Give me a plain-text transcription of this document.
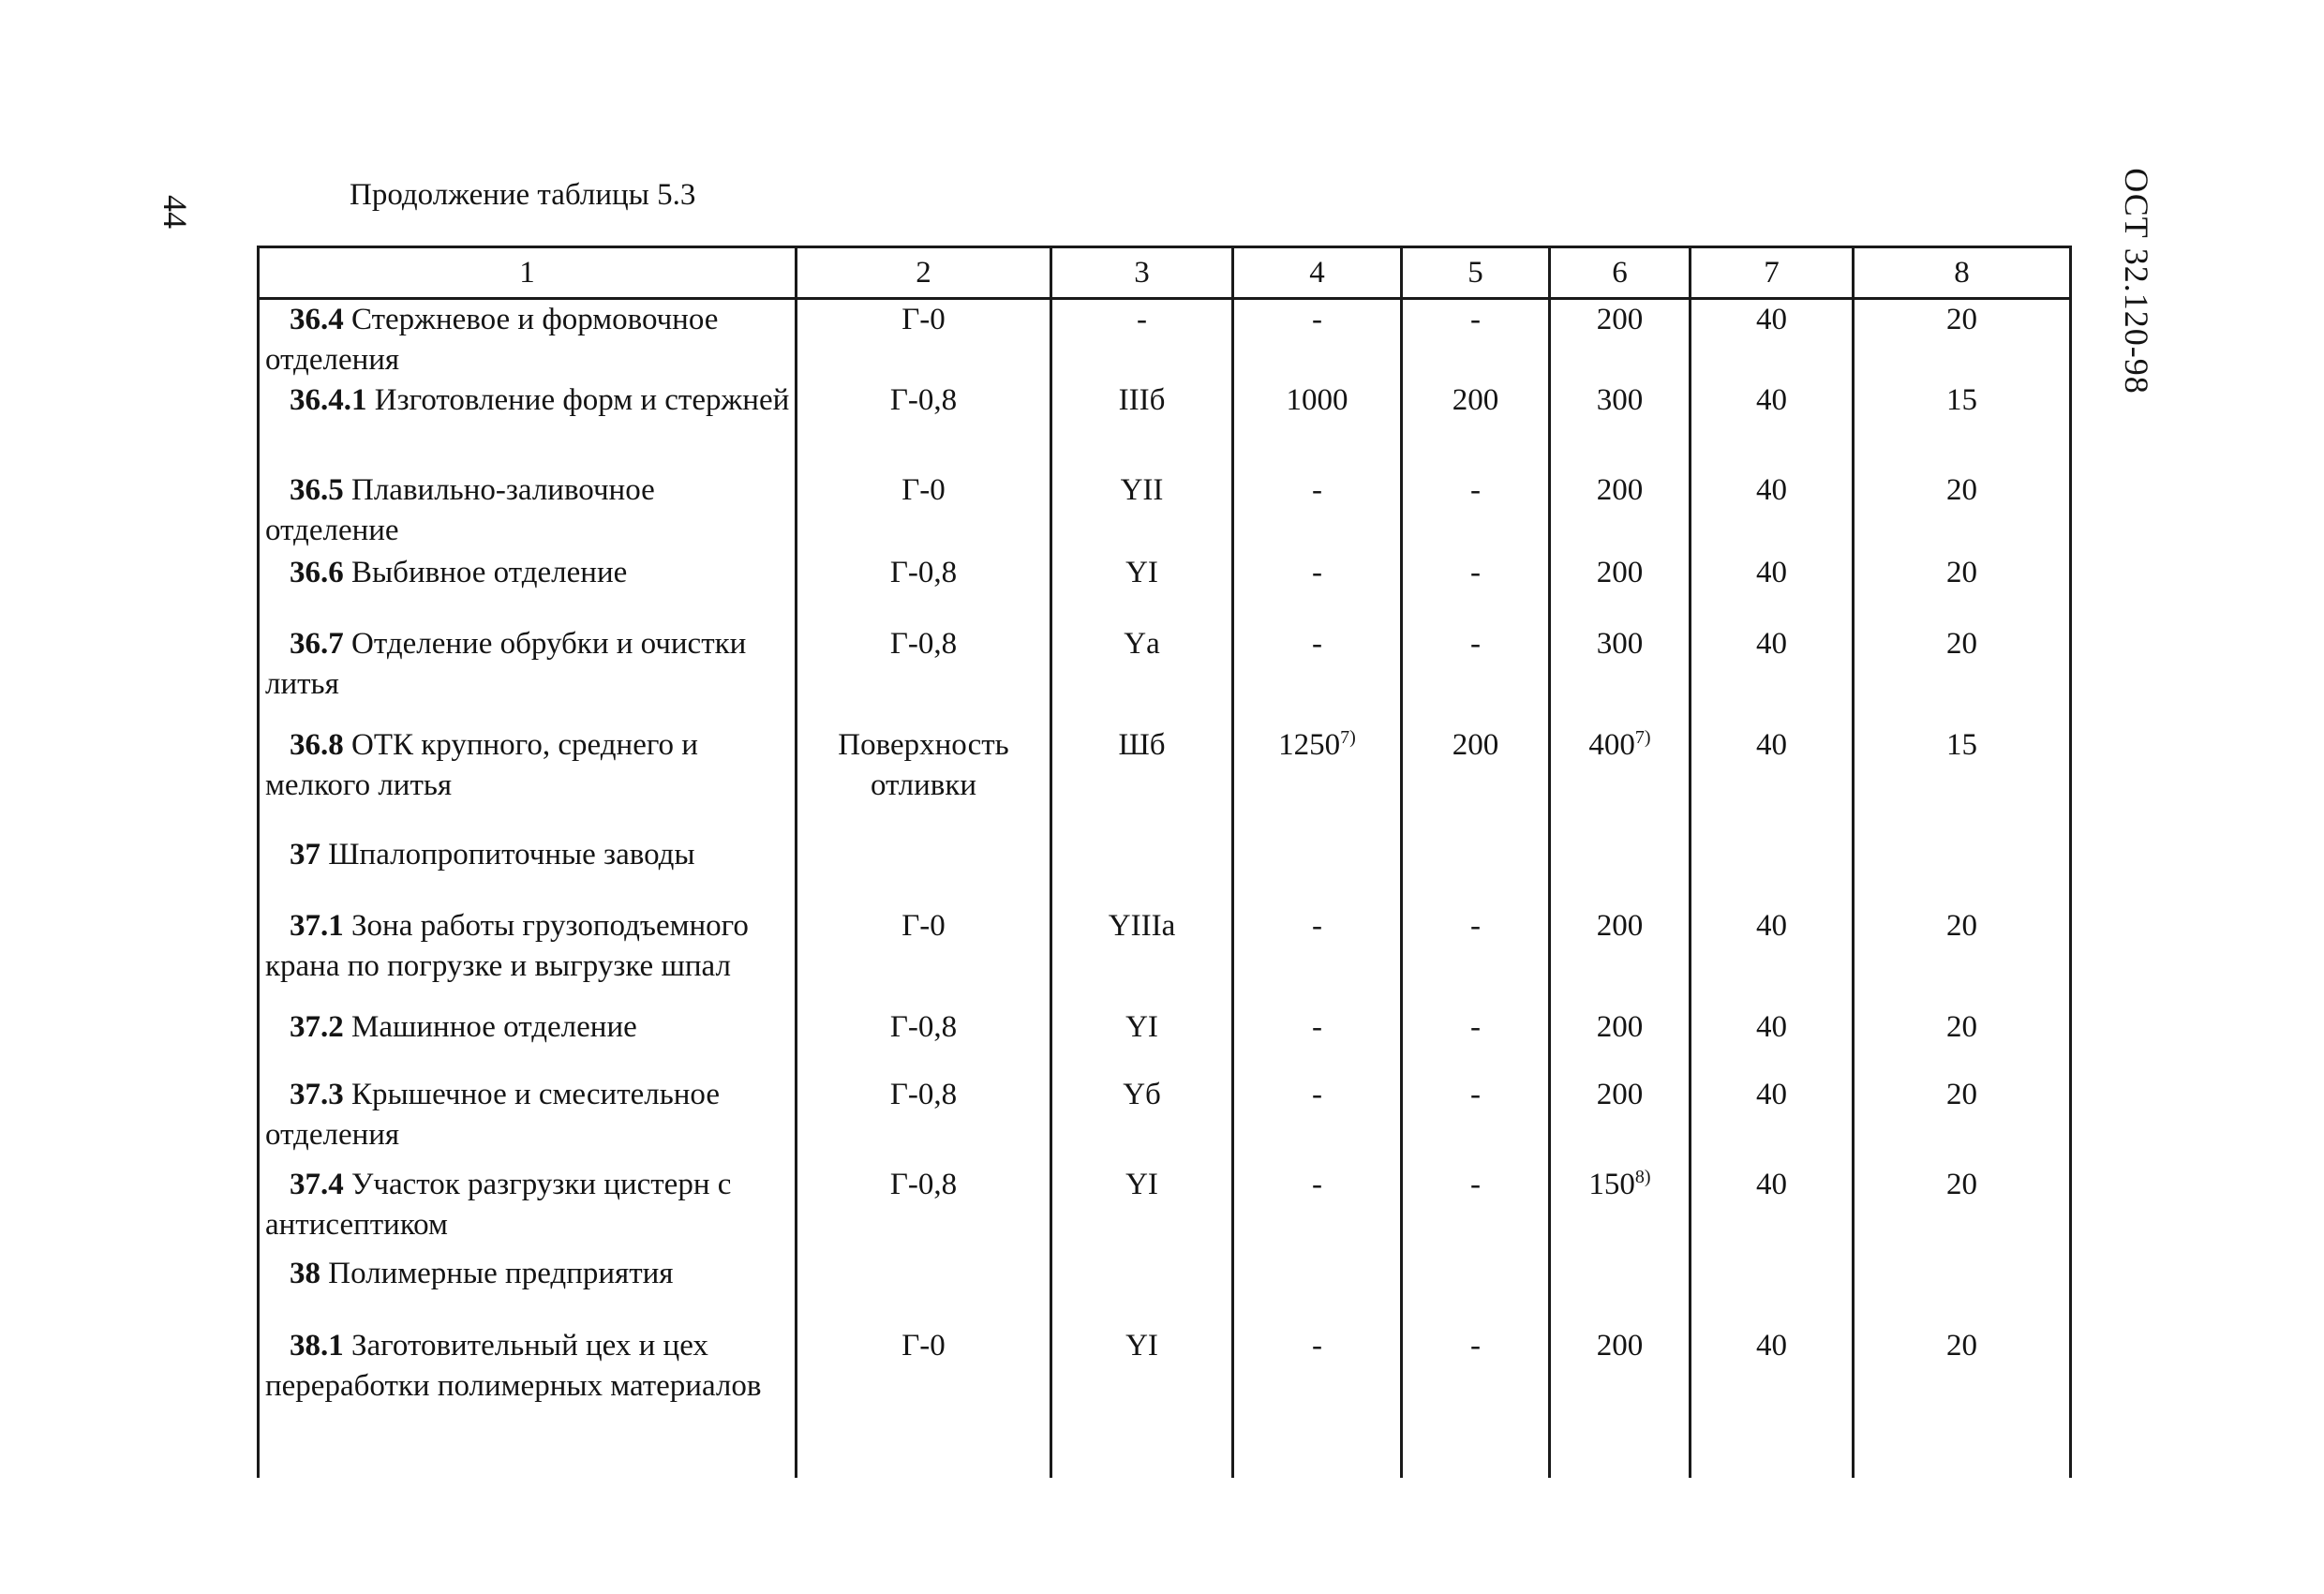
44	ОСТ 32.120-98
Продолжение таблицы 5.3
1	2	3	4	5	6	7	8
36.4 Стержневое и формовочное отделения	Г-0	-	-	-	200	40	20
36.4.1 Изготовление форм и стержней	Г-0,8	IIIб	1000	200	300	40	15
36.5 Плавильно-заливочное отделение	Г-0	YII	-	-	200	40	20
36.6 Выбивное отделение	Г-0,8	YI	-	-	200	40	20
36.7 Отделение обрубки и очистки литья	Г-0,8	Yа	-	-	300	40	20
36.8 ОТК крупного, среднего и мелкого литья	Поверхность отливки	Шб	1250$^{7)}$	200	400$^{7)}$	40	15
37 Шпалопропиточные заводы							
37.1 Зона работы грузоподъемного крана по погрузке и выгрузке шпал	Г-0	YIIIа	-	-	200	40	20
37.2 Машинное отделение	Г-0,8	YI	-	-	200	40	20
37.3 Крышечное и смесительное отделения	Г-0,8	Yб	-	-	200	40	20
37.4 Участок разгрузки цистерн с антисептиком	Г-0,8	YI	-	-	150$^{8)}$	40	20
38 Полимерные предприятия							
38.1 Заготовительный цех и цех переработки полимерных материалов	Г-0	YI	-	-	200	40	20
